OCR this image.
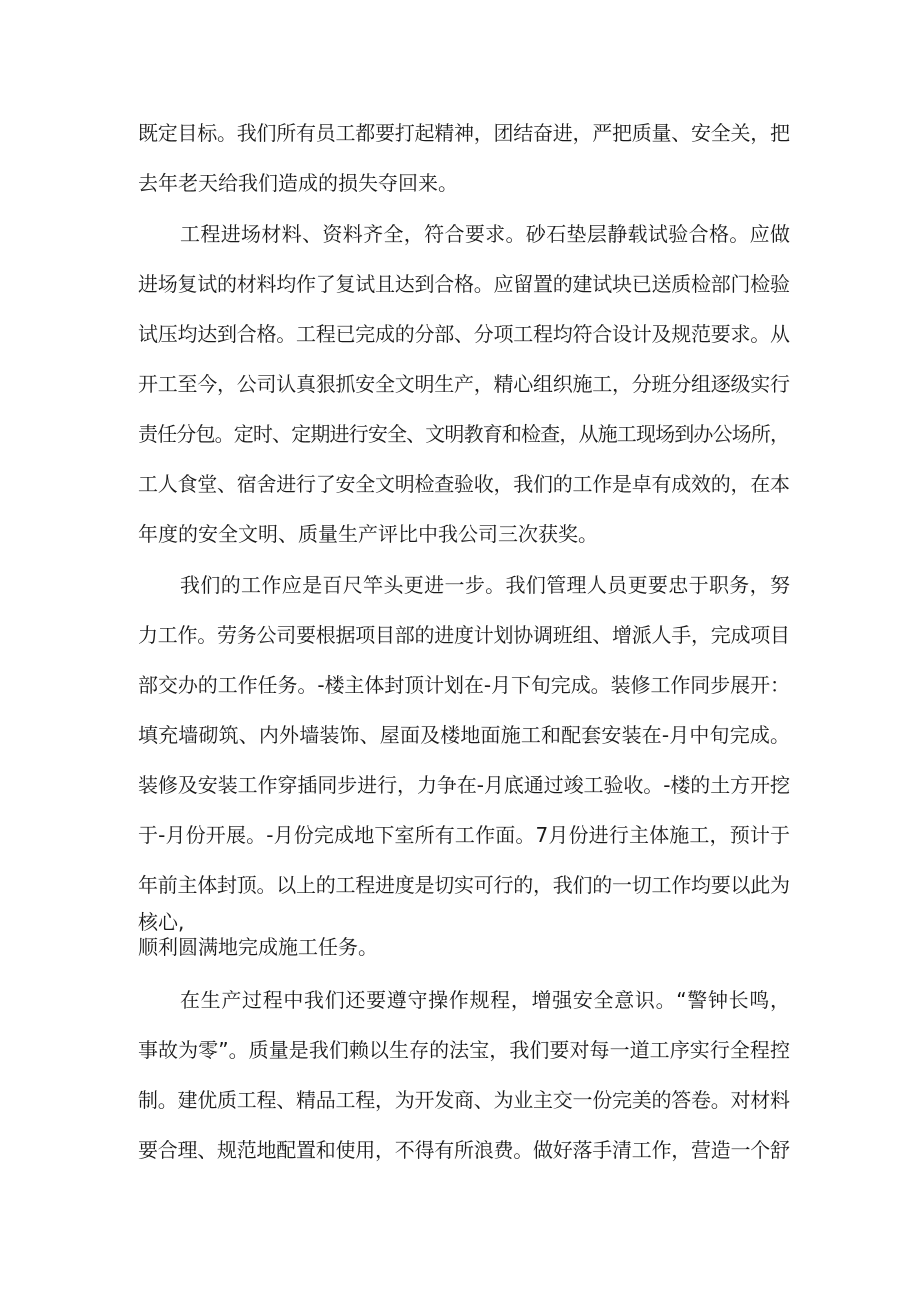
既定目标。我们所有员工都要打起精神，团结奋进，严把质量、安全关，把
去年老天给我们造成的损失夺回来。
工程进场材料、资料齐全，符合要求。砂石垫层静载试验合格。应做
进场复试的材料均作了复试且达到合格。应留置的建试块已送质检部门检验
试压均达到合格。工程已完成的分部、分项工程均符合设计及规范要求。从
开工至今，公司认真狠抓安全文明生产，精心组织施工，分班分组逐级实行
责任分包。定时、定期进行安全、文明教育和检查，从施工现场到办公场所，
工人食堂、宿舍进行了安全文明检查验收，我们的工作是卓有成效的，在本
年度的安全文明、质量生产评比中我公司三次获奖。
我们的工作应是百尺竿头更进一步。我们管理人员更要忠于职务，努
力工作。劳务公司要根据项目部的进度计划协调班组、增派人手，完成项目
部交办的工作任务。-楼主体封顶计划在-月下旬完成。装修工作同步展开：
填充墙砌筑、内外墙装饰、屋面及楼地面施工和配套安装在-月中旬完成。
装修及安装工作穿插同步进行，力争在-月底通过竣工验收。-楼的土方开挖
于-月份开展。-月份完成地下室所有工作面。7月份进行主体施工，预计于
年前主体封顶。以上的工程进度是切实可行的，我们的一切工作均要以此为
核心,
顺利圆满地完成施工任务。
在生产过程中我们还要遵守操作规程，增强安全意识。“警钟长鸣，
事故为零”。质量是我们赖以生存的法宝，我们要对每一道工序实行全程控
制。建优质工程、精品工程，为开发商、为业主交一份完美的答卷。对材料
要合理、规范地配置和使用，不得有所浪费。做好落手清工作，营造一个舒
